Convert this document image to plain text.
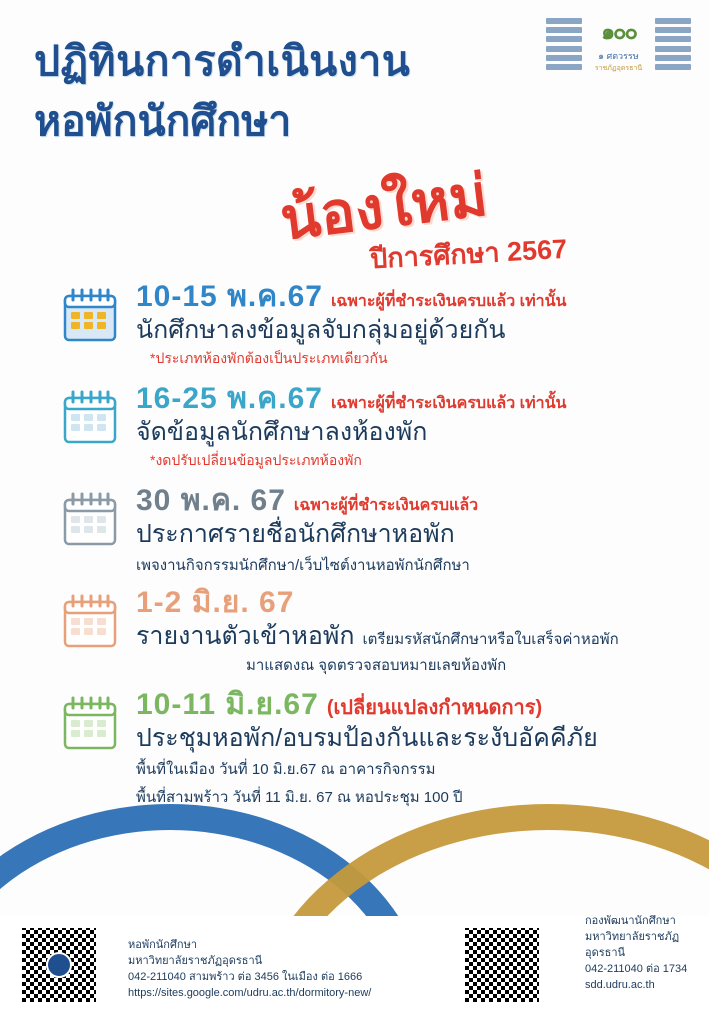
๑๐๐
๑ ศตวรรษ
ราชภัฏอุดรธานี
ปฏิทินการดำเนินงาน
หอพักนักศึกษา
น้องใหม่
ปีการศึกษา 2567
10-15 พ.ค.67 เฉพาะผู้ที่ชำระเงินครบแล้ว เท่านั้น
นักศึกษาลงข้อมูลจับกลุ่มอยู่ด้วยกัน
*ประเภทห้องพักต้องเป็นประเภทเดียวกัน
16-25 พ.ค.67 เฉพาะผู้ที่ชำระเงินครบแล้ว เท่านั้น
จัดข้อมูลนักศึกษาลงห้องพัก
*งดปรับเปลี่ยนข้อมูลประเภทห้องพัก
30 พ.ค. 67 เฉพาะผู้ที่ชำระเงินครบแล้ว
ประกาศรายชื่อนักศึกษาหอพัก
เพจงานกิจกรรมนักศึกษา/เว็บไซต์งานหอพักนักศึกษา
1-2 มิ.ย. 67
รายงานตัวเข้าหอพัก เตรียมรหัสนักศึกษาหรือใบเสร็จค่าหอพัก
มาแสดงณ จุดตรวจสอบหมายเลขห้องพัก
10-11 มิ.ย.67 (เปลี่ยนแปลงกำหนดการ)
ประชุมหอพัก/อบรมป้องกันและระงับอัคคีภัย
พื้นที่ในเมือง วันที่ 10 มิ.ย.67 ณ อาคารกิจกรรม
พื้นที่สามพร้าว วันที่ 11 มิ.ย. 67 ณ หอประชุม 100 ปี
หอพักนักศึกษา
มหาวิทยาลัยราชภัฏอุดรธานี
042-211040 สามพร้าว ต่อ 3456 ในเมือง ต่อ 1666
https://sites.google.com/udru.ac.th/dormitory-new/
กองพัฒนานักศึกษา
มหาวิทยาลัยราชภัฏอุดรธานี
042-211040 ต่อ 1734
sdd.udru.ac.th
